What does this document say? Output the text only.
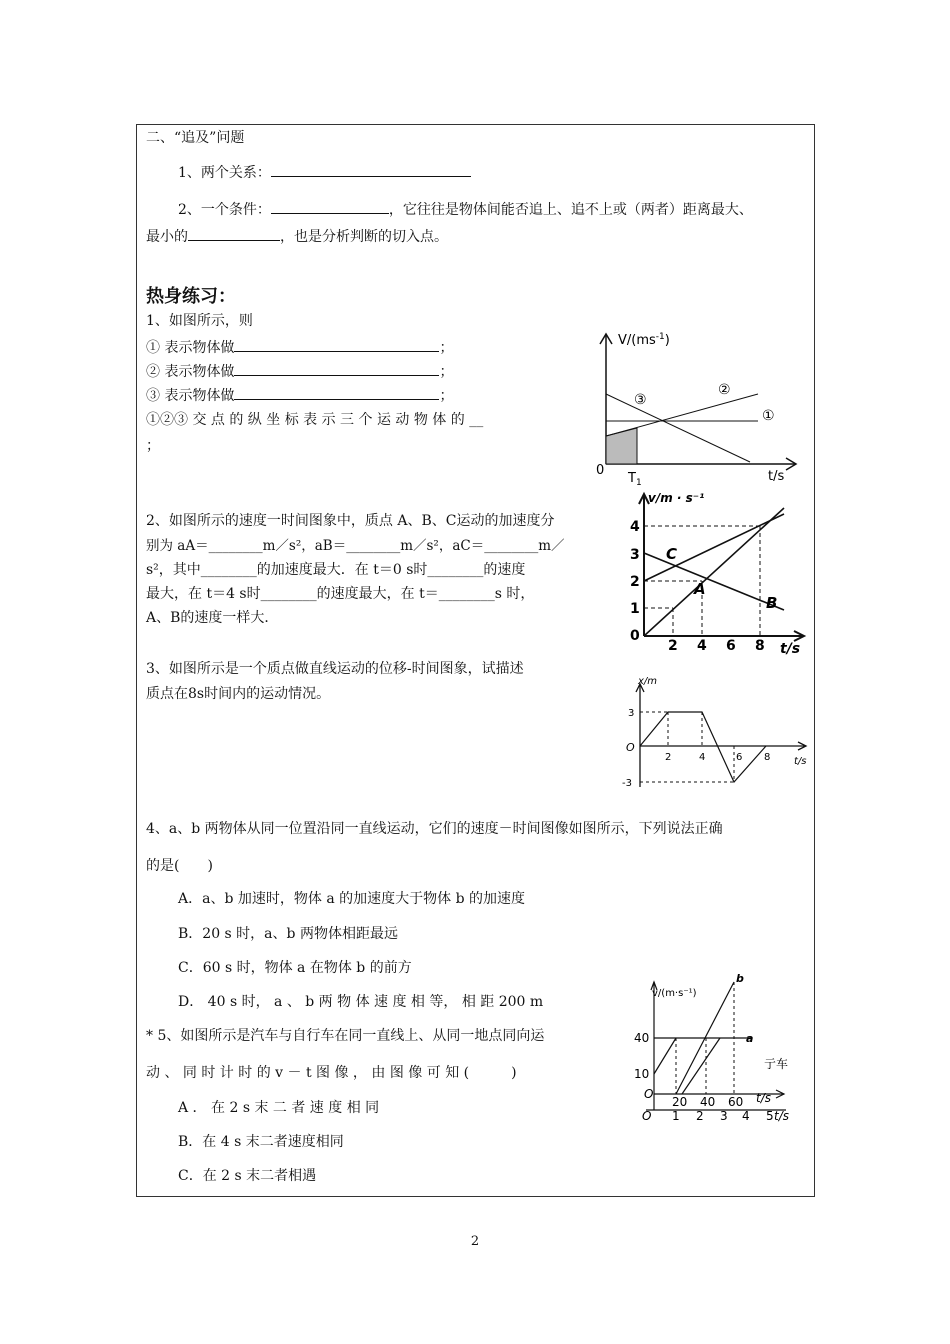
二、“追及”问题
1、两个关系：
2、一个条件：	，它往往是物体间能否追上、追不上或（两者）距离最大、
最小的	，也是分析判断的切入点。
热身练习：
1、如图所示，则
① 表示物体做	；
② 表示物体做	；
③ 表示物体做	；
①②③ 交 点 的 纵 坐 标 表 示 三 个 运 动 物 体 的 __
；
$V/(ms^{-1})$
0
$T_1$	t/s
①
②
③
2、如图所示的速度一时间图象中，质点 A、B、C运动的加速度分
别为 aA＝________m／s²，aB＝________m／s²，aC＝________m／
s²，其中________的加速度最大．在 t＝0 s时________的速度
最大，在 t＝4 s时________的速度最大，在 t＝________s 时，
A、B的速度一样大．
v/m · s⁻¹
t/s
0
1
2
3
4
2 4 6 8
C
A
B
3、如图所示是一个质点做直线运动的位移-时间图象，试描述
质点在8s时间内的运动情况。
x/m
t/s
O
3
-3
2	4	6 8
4、a、b 两物体从同一位置沿同一直线运动，它们的速度－时间图像如图所示，下列说法正确
的是(　　)
A．a、b 加速时，物体 a 的加速度大于物体 b 的加速度
B．20 s 时，a、b 两物体相距最远
C．60 s 时，物体 a 在物体 b 的前方
D． 40 s 时， a 、 b 两 物 体 速 度 相 等， 相 距 200 m
* 5、如图所示是汽车与自行车在同一直线上、从同一地点同向运
动 、 同 时 计 时 的 v － t 图 像 ， 由 图 像 可 知 (　　　)
A ． 在 2 s 末 二 者 速 度 相 同
B．在 4 s 末二者速度相同
C．在 2 s 末二者相遇
v/(m·s⁻¹)
b
a
40
10
O
20 40 60 t/s
亍车
O 1 2 3 4 5 t/s
2
